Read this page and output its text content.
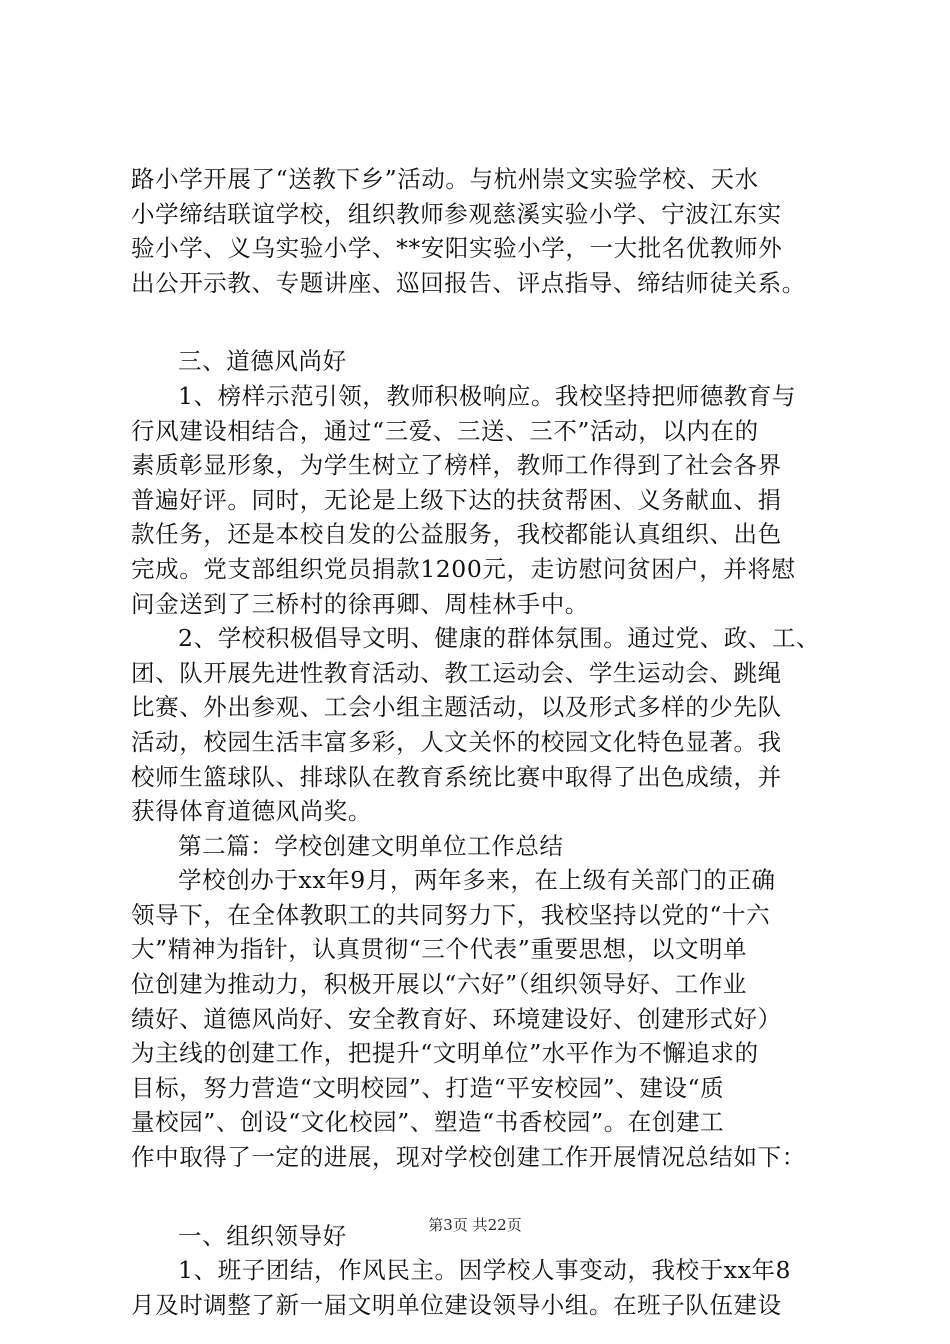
路小学开展了“送教下乡”活动。与杭州崇文实验学校、天水
小学缔结联谊学校，组织教师参观慈溪实验小学、宁波江东实
验小学、义乌实验小学、**安阳实验小学，一大批名优教师外
出公开示教、专题讲座、巡回报告、评点指导、缔结师徒关系。
三、道德风尚好
1、榜样示范引领，教师积极响应。我校坚持把师德教育与
行风建设相结合，通过“三爱、三送、三不”活动，以内在的
素质彰显形象，为学生树立了榜样，教师工作得到了社会各界
普遍好评。同时，无论是上级下达的扶贫帮困、义务献血、捐
款任务，还是本校自发的公益服务，我校都能认真组织、出色
完成。党支部组织党员捐款1200元，走访慰问贫困户，并将慰
问金送到了三桥村的徐再卿、周桂林手中。
2、学校积极倡导文明、健康的群体氛围。通过党、政、工、
团、队开展先进性教育活动、教工运动会、学生运动会、跳绳
比赛、外出参观、工会小组主题活动，以及形式多样的少先队
活动，校园生活丰富多彩，人文关怀的校园文化特色显著。我
校师生篮球队、排球队在教育系统比赛中取得了出色成绩，并
获得体育道德风尚奖。
第二篇：学校创建文明单位工作总结
学校创办于xx年9月，两年多来，在上级有关部门的正确
领导下，在全体教职工的共同努力下，我校坚持以党的“十六
大”精神为指针，认真贯彻“三个代表”重要思想，以文明单
位创建为推动力，积极开展以“六好”（组织领导好、工作业
绩好、道德风尚好、安全教育好、环境建设好、创建形式好）
为主线的创建工作，把提升“文明单位”水平作为不懈追求的
目标，努力营造“文明校园”、打造“平安校园”、建设“质
量校园”、创设“文化校园”、塑造“书香校园”。在创建工
作中取得了一定的进展，现对学校创建工作开展情况总结如下：
一、组织领导好
1、班子团结，作风民主。因学校人事变动，我校于xx年8
月及时调整了新一届文明单位建设领导小组。在班子队伍建设
第3页 共22页
